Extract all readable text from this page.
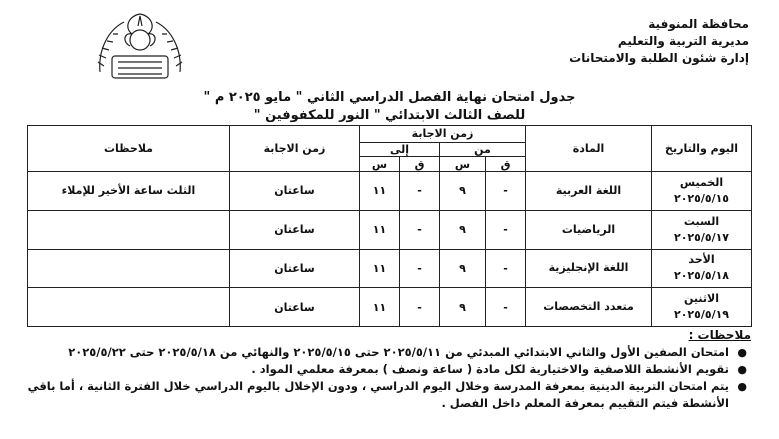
محافظة المنوفية
مديرية التربية والتعليم
إدارة شئون الطلبة والامتحانات
جدول امتحان نهاية الفصل الدراسي الثاني " مايو ٢٠٢٥ م "
للصف الثالث الابتدائي " النور للمكفوفين "
اليوم والتاريخ	المادة	زمن الاجابة				زمن الاجابة	ملاحظات
		من		إلى			
		ق	س	ق	س		

الخميس
٢٠٢٥/٥/١٥	اللغة العربية	-	٩	-	١١	ساعتان	الثلث ساعة الأخير للإملاء

السبت
٢٠٢٥/٥/١٧	الرياضيات	-	٩	-	١١	ساعتان	

الأحد
٢٠٢٥/٥/١٨	اللغة الإنجليزية	-	٩	-	١١	ساعتان	

الاثنين
٢٠٢٥/٥/١٩	متعدد التخصصات	-	٩	-	١١	ساعتان	
ملاحظات :
●
امتحان الصفين الأول والثاني الابتدائي المبدئي من ٢٠٢٥/٥/١١ حتى ٢٠٢٥/٥/١٥ والنهائي من ٢٠٢٥/٥/١٨ حتى ٢٠٢٥/٥/٢٢
●
تقويم الأنشطة اللاصفية والاختيارية لكل مادة ( ساعة ونصف ) بمعرفة معلمي المواد .
●
يتم امتحان التربية الدينية بمعرفة المدرسة وخلال اليوم الدراسي ، ودون الإخلال باليوم الدراسي خلال الفترة الثانية ، أما باقي الأنشطة فيتم التقييم بمعرفة المعلم داخل الفصل .
